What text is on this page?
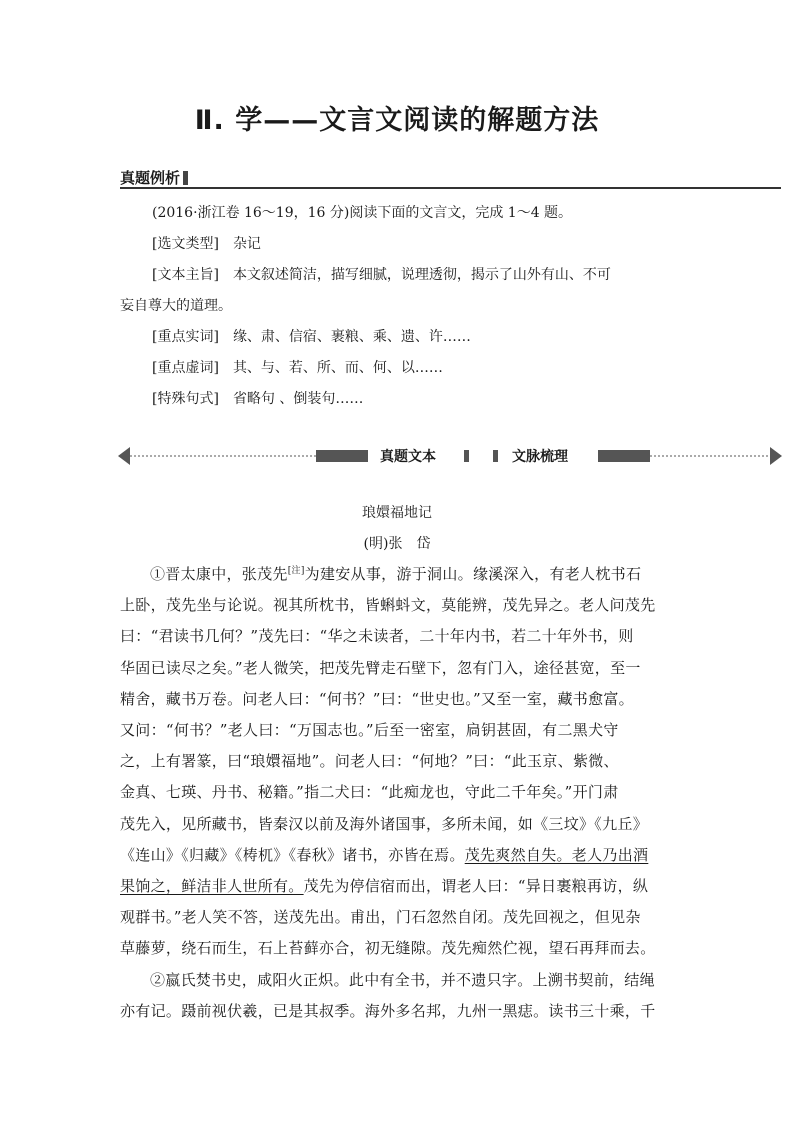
Ⅱ. 学——文言文阅读的解题方法
真题例析
(2016·浙江卷 16～19，16 分)阅读下面的文言文，完成 1～4 题。
[选文类型] 杂记
[文本主旨] 本文叙述简洁，描写细腻，说理透彻，揭示了山外有山、不可
妄自尊大的道理。
[重点实词] 缘、肃、信宿、裹粮、乘、遗、许……
[重点虚词] 其、与、若、所、而、何、以……
[特殊句式] 省略句 、倒装句……
真题文本	文脉梳理
琅嬛福地记
(明)张　岱
①晋太康中，张茂先[注]为建安从事，游于洞山。缘溪深入，有老人枕书石
上卧，茂先坐与论说。视其所枕书，皆蝌蚪文，莫能辨，茂先异之。老人问茂先
曰：“君读书几何？”茂先曰：“华之未读者，二十年内书，若二十年外书，则
华固已读尽之矣。”老人微笑，把茂先臂走石壁下，忽有门入，途径甚宽，至一
精舍，藏书万卷。问老人曰：“何书？”曰：“世史也。”又至一室，藏书愈富。
又问：“何书？”老人曰：“万国志也。”后至一密室，扃钥甚固，有二黑犬守
之，上有署篆，曰“琅嬛福地”。问老人曰：“何地？”曰：“此玉京、紫微、
金真、七瑛、丹书、秘籍。”指二犬曰：“此痴龙也，守此二千年矣。”开门肃
茂先入，见所藏书，皆秦汉以前及海外诸国事，多所未闻，如《三坟》《九丘》
《连山》《归藏》《梼杌》《春秋》诸书，亦皆在焉。茂先爽然自失。老人乃出酒
果饷之，鲜洁非人世所有。茂先为停信宿而出，谓老人曰：“异日裹粮再访，纵
观群书。”老人笑不答，送茂先出。甫出，门石忽然自闭。茂先回视之，但见杂
草藤萝，绕石而生，石上苔藓亦合，初无缝隙。茂先痴然伫视，望石再拜而去。
②嬴氏焚书史，咸阳火正炽。此中有全书，并不遗只字。上溯书契前，结绳
亦有记。蹑前视伏羲，已是其叔季。海外多名邦，九州一黑痣。读书三十乘，千
